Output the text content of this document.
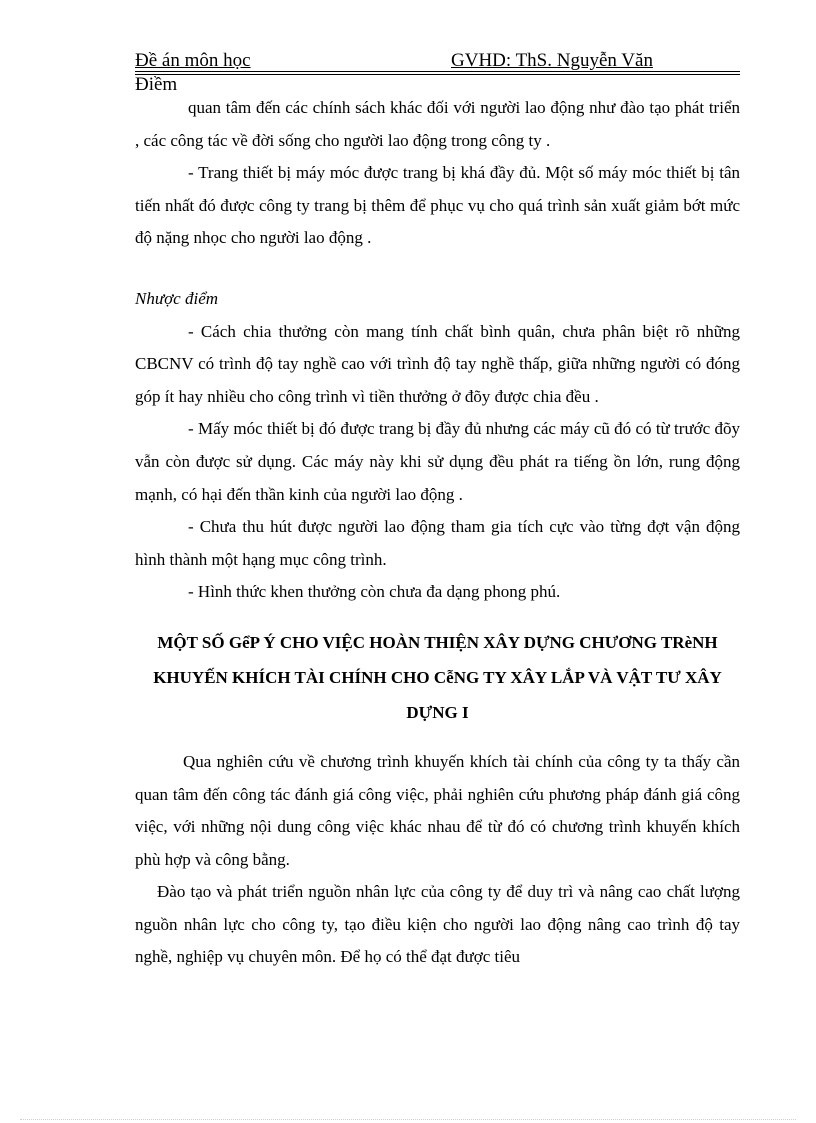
Đề án môn học	GVHD: ThS. Nguyễn Văn
Điềm

quan tâm đến các chính sách khác đối với người lao động như đào tạo phát triển , các công tác về đời sống cho người lao động trong công ty .

- Trang thiết bị máy móc được trang bị khá đầy đủ. Một số máy móc thiết bị tân tiến nhất đó được công ty trang bị thêm để phục vụ cho quá trình sản xuất giảm bớt mức độ nặng nhọc cho người lao động .

Nhược điểm

- Cách chia thưởng còn mang tính chất bình quân, chưa phân biệt rõ những CBCNV có trình độ tay nghề cao với trình độ tay nghề thấp, giữa những người có đóng góp ít hay nhiều cho công trình vì tiền thưởng ở đõy được chia đều .

- Mấy móc thiết bị đó được trang bị đầy đủ nhưng các máy cũ đó có từ trước đõy vẫn còn được sử dụng. Các máy này khi sử dụng đều phát ra tiếng ồn lớn, rung động mạnh, có hại đến thần kinh của người lao động .

- Chưa thu hút được người lao động tham gia tích cực vào từng đợt vận động hình thành một hạng mục công trình.

- Hình thức khen thưởng còn chưa đa dạng phong phú.

MỘT SỐ GểP Ý CHO VIỆC HOÀN THIỆN XÂY DỰNG CHƯƠNG TRèNH KHUYẾN KHÍCH TÀI CHÍNH CHO CễNG TY XÂY LẮP VÀ VẬT TƯ XÂY DỰNG I

Qua nghiên cứu về chương trình khuyến khích tài chính của công ty ta thấy cần quan tâm đến công tác đánh giá công việc, phải nghiên cứu phương pháp đánh giá công việc, với những nội dung công việc khác nhau để từ đó có chương trình khuyến khích phù hợp và công bằng.

Đào tạo và phát triển nguồn nhân lực của công ty để duy trì và nâng cao chất lượng nguồn nhân lực cho công ty, tạo điều kiện cho người lao động nâng cao trình độ tay nghề, nghiệp vụ chuyên môn. Để họ có thể đạt được tiêu
